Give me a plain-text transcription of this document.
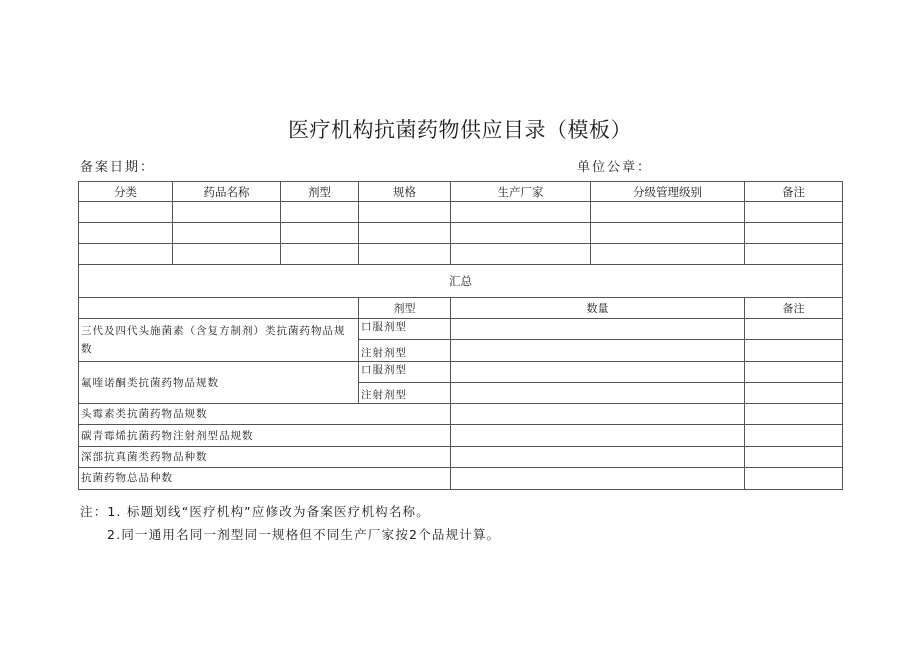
医疗机构抗菌药物供应目录（模板）
备案日期：	单位公章：
分类	药品名称	剂型	规格	生产厂家	分级管理级别	备注

汇总						
			剂型	数量		备注
三代及四代头施菌素（含复方制剂）类抗菌药物品规数			口服剂型			
			注射剂型			
氟喹诺酮类抗菌药物品规数			口服剂型			
			注射剂型			
头霉素类抗菌药物品规数						
碳青霉烯抗菌药物注射剂型品规数						
深部抗真菌类药物品种数						
抗菌药物总品种数						
注：1. 标题划线“医疗机构”应修改为备案医疗机构名称。
2.同一通用名同一剂型同一规格但不同生产厂家按2个品规计算。
